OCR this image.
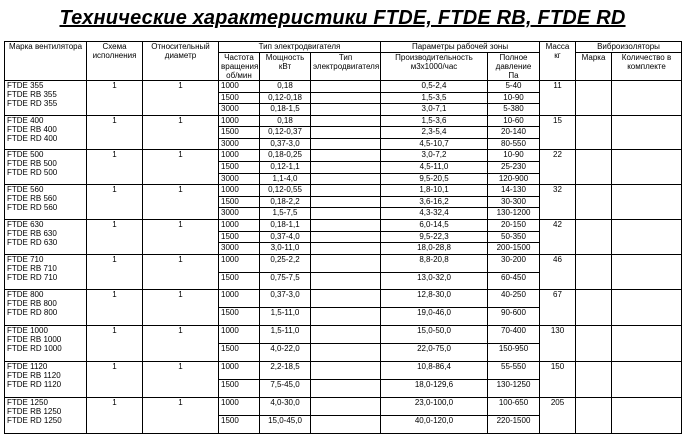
Технические характеристики FTDE, FTDE RB, FTDE RD
Марка вентилятора	Схема исполнения	Относительный диаметр	Тип электродвигателя			Параметры рабочей зоны		Масса кг	Виброизоляторы	
			Частота вращения об/мин	Мощность кВт	Тип электродвигателя	Производительность м3х1000/час	Полное давление Па		Марка	Количество в комплекте

FTDE 355
FTDE RB 355
FTDE RD 355	1	1	1000	0,18		0,5-2,4	5-40	11		
			1500	0,12-0,18		1,5-3,5	10-90			
			3000	0,18-1,5		3,0-7,1	5-380			

FTDE 400
FTDE RB 400
FTDE RD 400	1	1	1000	0,18		1,5-3,6	10-60	15		
			1500	0,12-0,37		2,3-5,4	20-140			
			3000	0,37-3,0		4,5-10,7	80-550			

FTDE 500
FTDE RB 500
FTDE RD 500	1	1	1000	0,18-0,25		3,0-7,2	10-90	22		
			1500	0,12-1,1		4,5-11,0	25-230			
			3000	1,1-4,0		9,5-20,5	120-900			

FTDE 560
FTDE RB 560
FTDE RD 560	1	1	1000	0,12-0,55		1,8-10,1	14-130	32		
			1500	0,18-2,2		3,6-16,2	30-300			
			3000	1,5-7,5		4,3-32,4	130-1200			

FTDE 630
FTDE RB 630
FTDE RD 630	1	1	1000	0,18-1,1		6,0-14,5	20-150	42		
			1500	0,37-4,0		9,5-22,3	50-350			
			3000	3,0-11,0		18,0-28,8	200-1500			

FTDE 710
FTDE RB 710
FTDE RD 710	1	1	1000	0,25-2,2		8,8-20,8	30-200	46		
			1500	0,75-7,5		13,0-32,0	60-450			

FTDE 800
FTDE RB 800
FTDE RD 800	1	1	1000	0,37-3,0		12,8-30,0	40-250	67		
			1500	1,5-11,0		19,0-46,0	90-600			

FTDE 1000
FTDE RB 1000
FTDE RD 1000	1	1	1000	1,5-11,0		15,0-50,0	70-400	130		
			1500	4,0-22,0		22,0-75,0	150-950			

FTDE 1120
FTDE RB 1120
FTDE RD 1120	1	1	1000	2,2-18,5		10,8-86,4	55-550	150		
			1500	7,5-45,0		18,0-129,6	130-1250			

FTDE 1250
FTDE RB 1250
FTDE RD 1250	1	1	1000	4,0-30,0		23,0-100,0	100-650	205		
			1500	15,0-45,0		40,0-120,0	220-1500			
